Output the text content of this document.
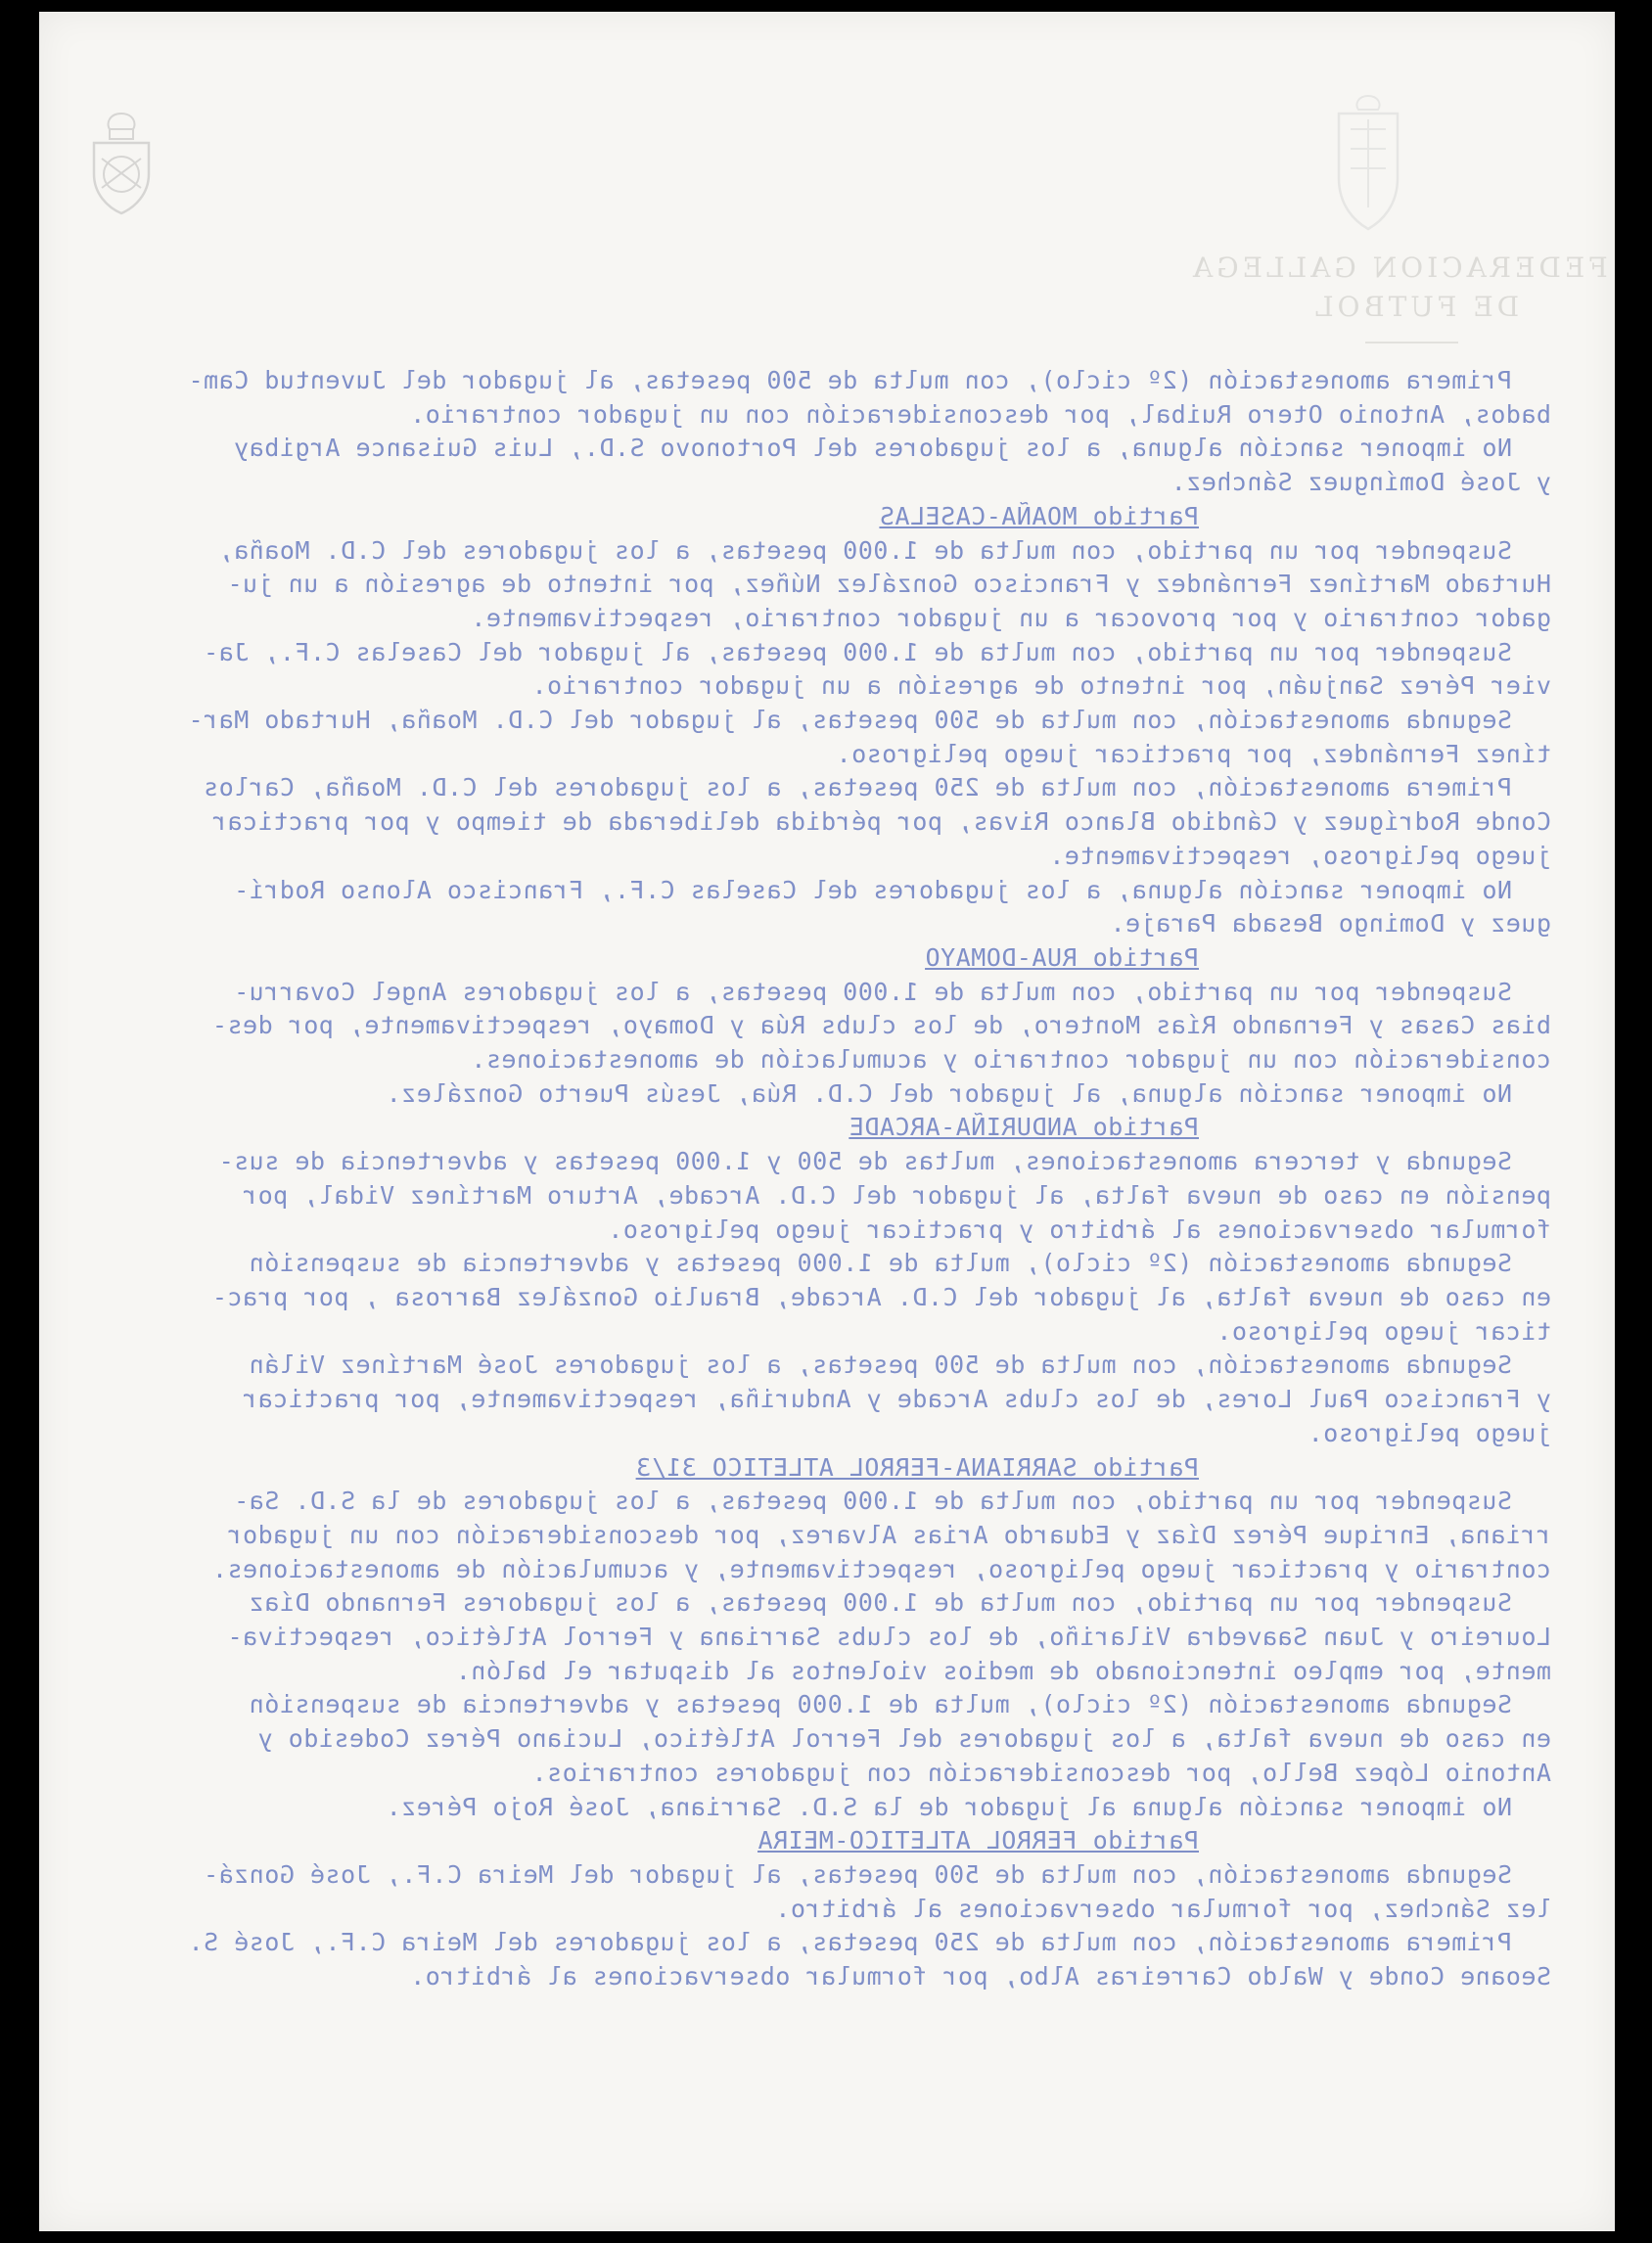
FEDERACION GALLEGA
DE FUTBOL
Primera amonestación (2º ciclo), con multa de 500 pesetas, al jugador del Juventud Cam-
bados, Antonio Otero Ruibal, por desconsideración con un jugador contrario.
No imponer sanción alguna, a los jugadores del Portonovo S.D., Luis Guisance Argibay
y José Domínguez Sánchez.
Partido MOAÑA-CASELAS
Suspender por un partido, con multa de 1.000 pesetas, a los jugadores del C.D. Moaña,
Hurtado Martínez Fernández y Francisco González Núñez, por intento de agresión a un ju-
gador contrario y por provocar a un jugador contrario, respectivamente.
Suspender por un partido, con multa de 1.000 pesetas, al jugador del Caselas C.F., Ja-
vier Pérez Sanjuán, por intento de agresión a un jugador contrario.
Segunda amonestación, con multa de 500 pesetas, al jugador del C.D. Moaña, Hurtado Mar-
tínez Fernández, por practicar juego peligroso.
Primera amonestación, con multa de 250 pesetas, a los jugadores del C.D. Moaña, Carlos
Conde Rodríguez y Cándido Blanco Rivas, por pérdida deliberada de tiempo y por practicar
juego peligroso, respectivamente.
No imponer sanción alguna, a los jugadores del Caselas C.F., Francisco Alonso Rodrí-
guez y Domingo Besada Paraje.
Partido RUA-DOMAYO
Suspender por un partido, con multa de 1.000 pesetas, a los jugadores Angel Covarru-
bias Casas y Fernando Rías Montero, de los clubs Rúa y Domayo, respectivamente, por des-
consideración con un jugador contrario y acumulación de amonestaciones.
No imponer sanción alguna, al jugador del C.D. Rúa, Jesús Puerto González.
Partido ANDURIÑA-ARCADE
Segunda y tercera amonestaciones, multas de 500 y 1.000 pesetas y advertencia de sus-
pensión en caso de nueva falta, al jugador del C.D. Arcade, Arturo Martínez Vidal, por
formular observaciones al árbitro y practicar juego peligroso.
Segunda amonestación (2º ciclo), multa de 1.000 pesetas y advertencia de suspensión
en caso de nueva falta, al jugador del C.D. Arcade, Braulio González Barrosa , por prac-
ticar juego peligroso.
Segunda amonestación, con multa de 500 pesetas, a los jugadores José Martínez Vilán
y Francisco Paul Lores, de los clubs Arcade y Anduriña, respectivamente, por practicar
juego peligroso.
Partido SARRIANA-FERROL ATLETICO 31/3
Suspender por un partido, con multa de 1.000 pesetas, a los jugadores de la S.D. Sa-
rriana, Enrique Pérez Díaz y Eduardo Arias Alvarez, por desconsideración con un jugador
contrario y practicar juego peligroso, respectivamente, y acumulación de amonestaciones.
Suspender por un partido, con multa de 1.000 pesetas, a los jugadores Fernando Díaz
Loureiro y Juan Saavedra Vilariño, de los clubs Sarriana y Ferrol Atlético, respectiva-
mente, por empleo intencionado de medios violentos al disputar el balón.
Segunda amonestación (2º ciclo), multa de 1.000 pesetas y advertencia de suspensión
en caso de nueva falta, a los jugadores del Ferrol Atlético, Luciano Pérez Codesido y
Antonio López Bello, por desconsideración con jugadores contrarios.
No imponer sanción alguna al jugador de la S.D. Sarriana, José Rojo Pérez.
Partido FERROL ATLETICO-MEIRA
Segunda amonestación, con multa de 500 pesetas, al jugador del Meira C.F., José Gonzá-
lez Sánchez, por formular observaciones al árbitro.
Primera amonestación, con multa de 250 pesetas, a los jugadores del Meira C.F., José S.
Seoane Conde y Waldo Carreiras Albo, por formular observaciones al árbitro.
